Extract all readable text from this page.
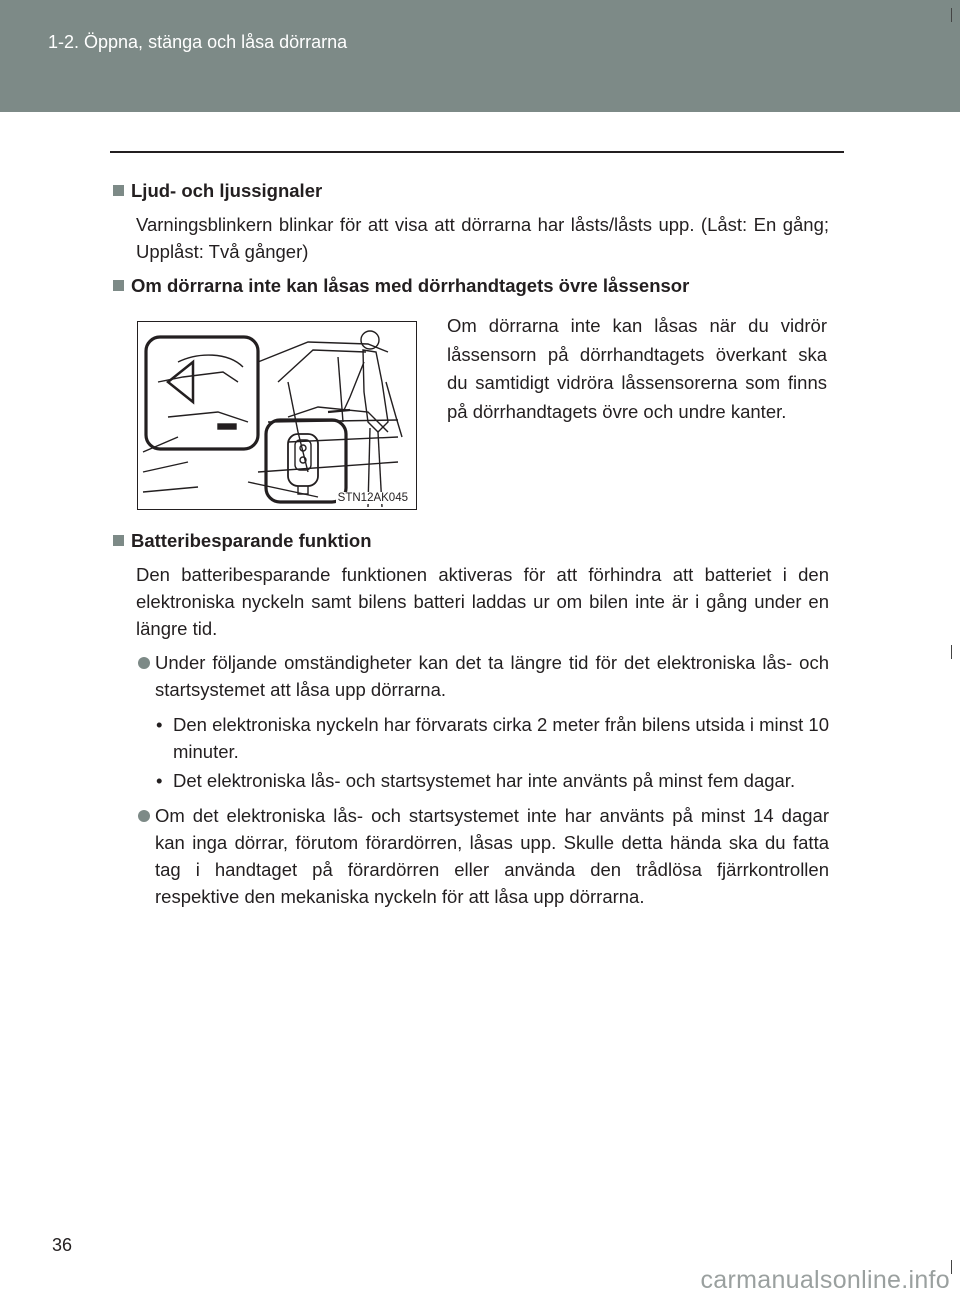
1-2. Öppna, stänga och låsa dörrarna
Ljud- och ljussignaler
Varningsblinkern blinkar för att visa att dörrarna har låsts/låsts upp. (Låst: En gång; Upplåst: Två gånger)
Om dörrarna inte kan låsas med dörrhandtagets övre låssensor
STN12AK045
Om dörrarna inte kan låsas när du vidrör låssensorn på dörrhandtagets överkant ska du samtidigt vidröra låssensorerna som finns på dörrhandtagets övre och undre kanter.
Batteribesparande funktion
Den batteribesparande funktionen aktiveras för att förhindra att batteriet i den elektroniska nyckeln samt bilens batteri laddas ur om bilen inte är i gång under en längre tid.
Under följande omständigheter kan det ta längre tid för det elektroniska lås- och startsystemet att låsa upp dörrarna.
• Den elektroniska nyckeln har förvarats cirka 2 meter från bilens utsida i minst 10 minuter.
• Det elektroniska lås- och startsystemet har inte använts på minst fem dagar.
Om det elektroniska lås- och startsystemet inte har använts på minst 14 dagar kan inga dörrar, förutom förardörren, låsas upp. Skulle detta hända ska du fatta tag i handtaget på förardörren eller använda den trådlösa fjärrkontrollen respektive den mekaniska nyckeln för att låsa upp dörrarna.
36
carmanualsonline.info
